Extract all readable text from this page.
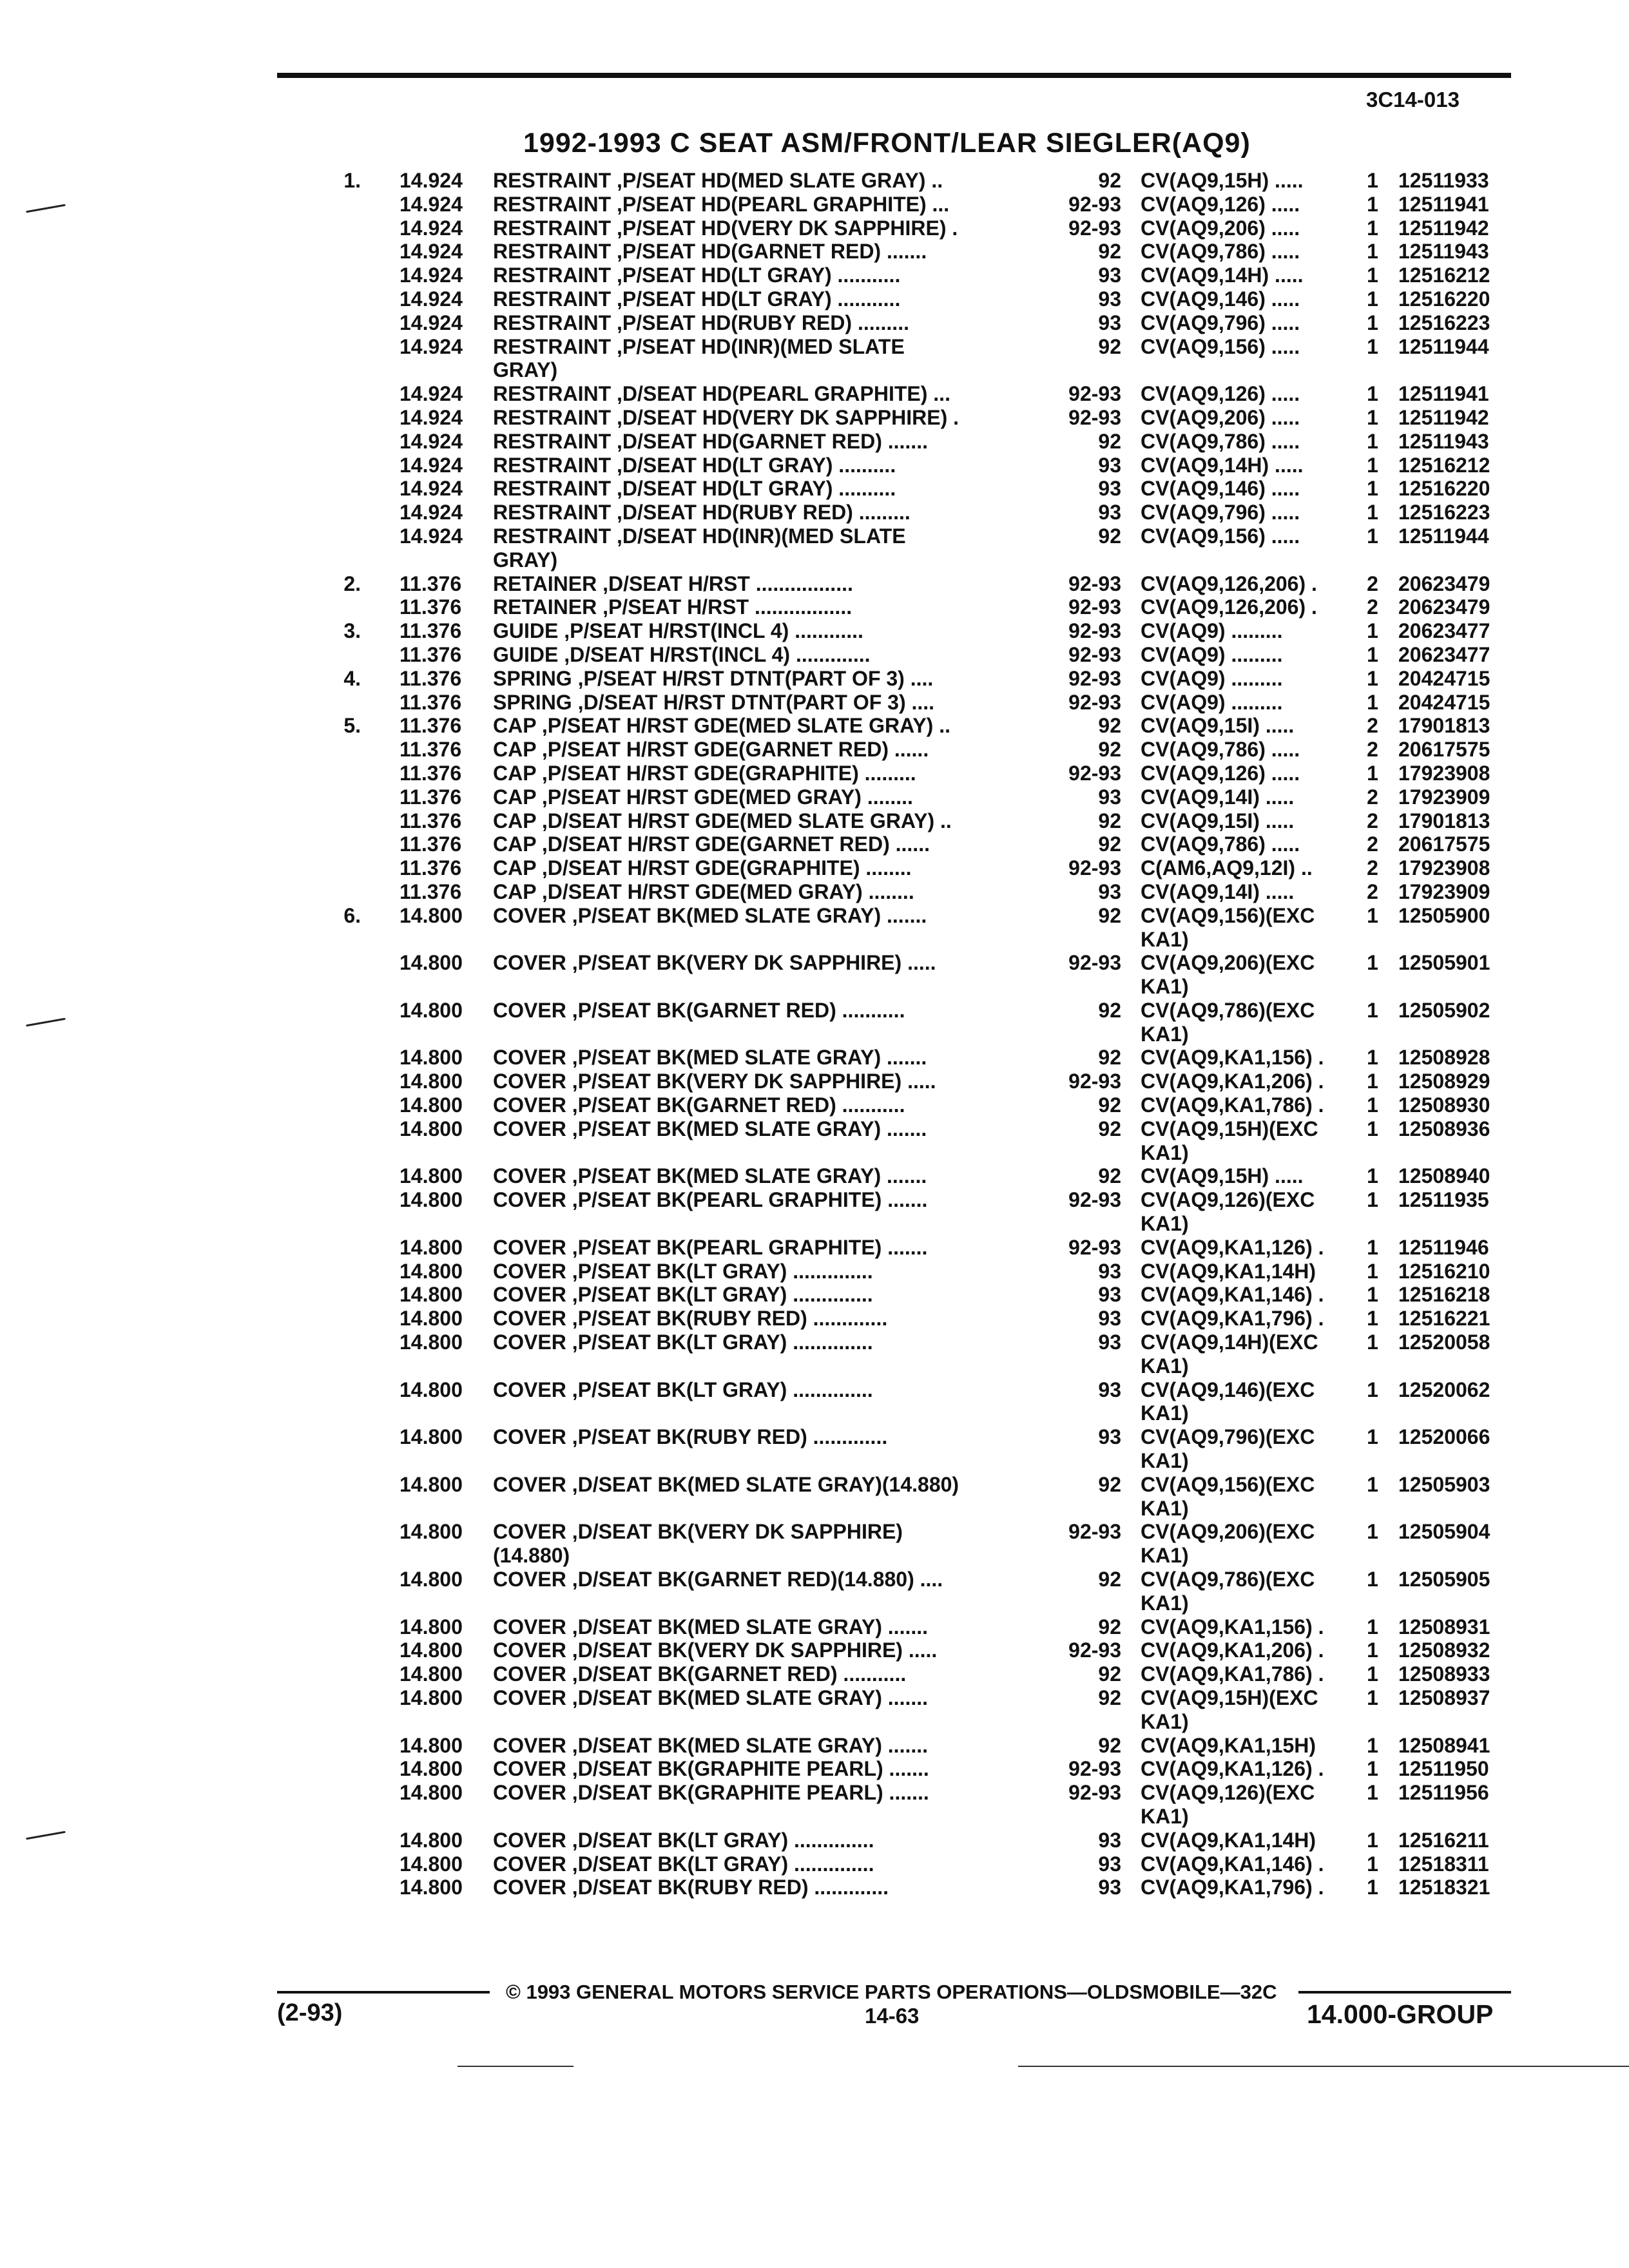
3C14-013
1992-1993 C SEAT ASM/FRONT/LEAR SIEGLER(AQ9)
1. 14.924 RESTRAINT ,P/SEAT HD(MED SLATE GRAY) ..	92 CV(AQ9,15H) .....	1 12511933
14.924 RESTRAINT ,P/SEAT HD(PEARL GRAPHITE) ...	92-93 CV(AQ9,126) .....	1 12511941
14.924 RESTRAINT ,P/SEAT HD(VERY DK SAPPHIRE) .	92-93 CV(AQ9,206) .....	1 12511942
14.924 RESTRAINT ,P/SEAT HD(GARNET RED) .......	92 CV(AQ9,786) .....	1 12511943
14.924 RESTRAINT ,P/SEAT HD(LT GRAY) ...........	93 CV(AQ9,14H) .....	1 12516212
14.924 RESTRAINT ,P/SEAT HD(LT GRAY) ...........	93 CV(AQ9,146) .....	1 12516220
14.924 RESTRAINT ,P/SEAT HD(RUBY RED) .........	93 CV(AQ9,796) .....	1 12516223
14.924 RESTRAINT ,P/SEAT HD(INR)(MED SLATE	92 CV(AQ9,156) .....	1 12511944
GRAY)
14.924 RESTRAINT ,D/SEAT HD(PEARL GRAPHITE) ...	92-93 CV(AQ9,126) .....	1 12511941
14.924 RESTRAINT ,D/SEAT HD(VERY DK SAPPHIRE) .	92-93 CV(AQ9,206) .....	1 12511942
14.924 RESTRAINT ,D/SEAT HD(GARNET RED) .......	92 CV(AQ9,786) .....	1 12511943
14.924 RESTRAINT ,D/SEAT HD(LT GRAY) ..........	93 CV(AQ9,14H) .....	1 12516212
14.924 RESTRAINT ,D/SEAT HD(LT GRAY) ..........	93 CV(AQ9,146) .....	1 12516220
14.924 RESTRAINT ,D/SEAT HD(RUBY RED) .........	93 CV(AQ9,796) .....	1 12516223
14.924 RESTRAINT ,D/SEAT HD(INR)(MED SLATE	92 CV(AQ9,156) .....	1 12511944
GRAY)
2. 11.376 RETAINER ,D/SEAT H/RST .................	92-93 CV(AQ9,126,206) .	2 20623479
11.376 RETAINER ,P/SEAT H/RST .................	92-93 CV(AQ9,126,206) .	2 20623479
3. 11.376 GUIDE ,P/SEAT H/RST(INCL 4) ............	92-93 CV(AQ9) .........	1 20623477
11.376 GUIDE ,D/SEAT H/RST(INCL 4) .............	92-93 CV(AQ9) .........	1 20623477
4. 11.376 SPRING ,P/SEAT H/RST DTNT(PART OF 3) ....	92-93 CV(AQ9) .........	1 20424715
11.376 SPRING ,D/SEAT H/RST DTNT(PART OF 3) ....	92-93 CV(AQ9) .........	1 20424715
5. 11.376 CAP ,P/SEAT H/RST GDE(MED SLATE GRAY) ..	92 CV(AQ9,15I) .....	2 17901813
11.376 CAP ,P/SEAT H/RST GDE(GARNET RED) ......	92 CV(AQ9,786) .....	2 20617575
11.376 CAP ,P/SEAT H/RST GDE(GRAPHITE) .........	92-93 CV(AQ9,126) .....	1 17923908
11.376 CAP ,P/SEAT H/RST GDE(MED GRAY) ........	93 CV(AQ9,14I) .....	2 17923909
11.376 CAP ,D/SEAT H/RST GDE(MED SLATE GRAY) ..	92 CV(AQ9,15I) .....	2 17901813
11.376 CAP ,D/SEAT H/RST GDE(GARNET RED) ......	92 CV(AQ9,786) .....	2 20617575
11.376 CAP ,D/SEAT H/RST GDE(GRAPHITE) ........	92-93 C(AM6,AQ9,12I) ..	2 17923908
11.376 CAP ,D/SEAT H/RST GDE(MED GRAY) ........	93 CV(AQ9,14I) .....	2 17923909
6. 14.800 COVER ,P/SEAT BK(MED SLATE GRAY) .......	92 CV(AQ9,156)(EXC	1 12505900
KA1)
14.800 COVER ,P/SEAT BK(VERY DK SAPPHIRE) .....	92-93 CV(AQ9,206)(EXC	1 12505901
KA1)
14.800 COVER ,P/SEAT BK(GARNET RED) ...........	92 CV(AQ9,786)(EXC	1 12505902
KA1)
14.800 COVER ,P/SEAT BK(MED SLATE GRAY) .......	92 CV(AQ9,KA1,156) .	1 12508928
14.800 COVER ,P/SEAT BK(VERY DK SAPPHIRE) .....	92-93 CV(AQ9,KA1,206) .	1 12508929
14.800 COVER ,P/SEAT BK(GARNET RED) ...........	92 CV(AQ9,KA1,786) .	1 12508930
14.800 COVER ,P/SEAT BK(MED SLATE GRAY) .......	92 CV(AQ9,15H)(EXC	1 12508936
KA1)
14.800 COVER ,P/SEAT BK(MED SLATE GRAY) .......	92 CV(AQ9,15H) .....	1 12508940
14.800 COVER ,P/SEAT BK(PEARL GRAPHITE) .......	92-93 CV(AQ9,126)(EXC	1 12511935
KA1)
14.800 COVER ,P/SEAT BK(PEARL GRAPHITE) .......	92-93 CV(AQ9,KA1,126) .	1 12511946
14.800 COVER ,P/SEAT BK(LT GRAY) ..............	93 CV(AQ9,KA1,14H)	1 12516210
14.800 COVER ,P/SEAT BK(LT GRAY) ..............	93 CV(AQ9,KA1,146) .	1 12516218
14.800 COVER ,P/SEAT BK(RUBY RED) .............	93 CV(AQ9,KA1,796) .	1 12516221
14.800 COVER ,P/SEAT BK(LT GRAY) ..............	93 CV(AQ9,14H)(EXC	1 12520058
KA1)
14.800 COVER ,P/SEAT BK(LT GRAY) ..............	93 CV(AQ9,146)(EXC	1 12520062
KA1)
14.800 COVER ,P/SEAT BK(RUBY RED) .............	93 CV(AQ9,796)(EXC	1 12520066
KA1)
14.800 COVER ,D/SEAT BK(MED SLATE GRAY)(14.880)	92 CV(AQ9,156)(EXC	1 12505903
KA1)
14.800 COVER ,D/SEAT BK(VERY DK SAPPHIRE)	92-93 CV(AQ9,206)(EXC	1 12505904
(14.880)	KA1)
14.800 COVER ,D/SEAT BK(GARNET RED)(14.880) ....	92 CV(AQ9,786)(EXC	1 12505905
KA1)
14.800 COVER ,D/SEAT BK(MED SLATE GRAY) .......	92 CV(AQ9,KA1,156) .	1 12508931
14.800 COVER ,D/SEAT BK(VERY DK SAPPHIRE) .....	92-93 CV(AQ9,KA1,206) .	1 12508932
14.800 COVER ,D/SEAT BK(GARNET RED) ...........	92 CV(AQ9,KA1,786) .	1 12508933
14.800 COVER ,D/SEAT BK(MED SLATE GRAY) .......	92 CV(AQ9,15H)(EXC	1 12508937
KA1)
14.800 COVER ,D/SEAT BK(MED SLATE GRAY) .......	92 CV(AQ9,KA1,15H)	1 12508941
14.800 COVER ,D/SEAT BK(GRAPHITE PEARL) .......	92-93 CV(AQ9,KA1,126) .	1 12511950
14.800 COVER ,D/SEAT BK(GRAPHITE PEARL) .......	92-93 CV(AQ9,126)(EXC	1 12511956
KA1)
14.800 COVER ,D/SEAT BK(LT GRAY) ..............	93 CV(AQ9,KA1,14H)	1 12516211
14.800 COVER ,D/SEAT BK(LT GRAY) ..............	93 CV(AQ9,KA1,146) .	1 12518311
14.800 COVER ,D/SEAT BK(RUBY RED) .............	93 CV(AQ9,KA1,796) .	1 12518321
© 1993 GENERAL MOTORS SERVICE PARTS OPERATIONS—OLDSMOBILE—32C
(2-93)	14-63	14.000-GROUP
